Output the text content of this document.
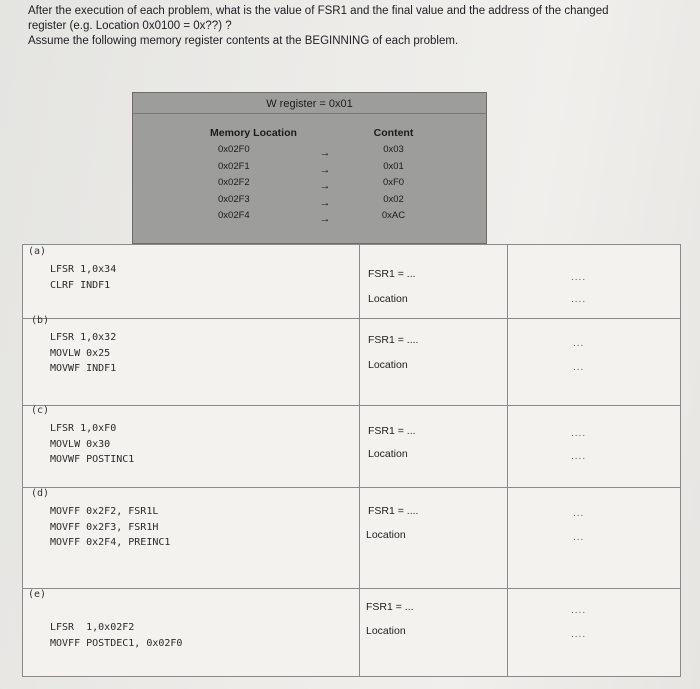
After the execution of each problem, what is the value of FSR1 and the final value and the address of the changed

register (e.g. Location 0x0100 = 0x??) ?

Assume the following memory register contents at the BEGINNING of each problem.

W register = 0x01
Memory Location
0x02F0
0x02F1
0x02F2
0x02F3
0x02F4
→
→
→
→
→
Content
0x03
0x01
0xF0
0x02
0xAC
(a)
LFSR 1,0x34
CLRF INDF1
FSR1 = ...
Location
....
....
(b)
LFSR 1,0x32
MOVLW 0x25
MOVWF INDF1
FSR1 = ....
Location
...
...
(c)
LFSR 1,0xF0
MOVLW 0x30
MOVWF POSTINC1
FSR1 = ...
Location
....
....
(d)
MOVFF 0x2F2, FSR1L
MOVFF 0x2F3, FSR1H
MOVFF 0x2F4, PREINC1
FSR1 = ....
Location
...
...
(e)
LFSR  1,0x02F2
MOVFF POSTDEC1, 0x02F0
FSR1 = ...
Location
....
....
